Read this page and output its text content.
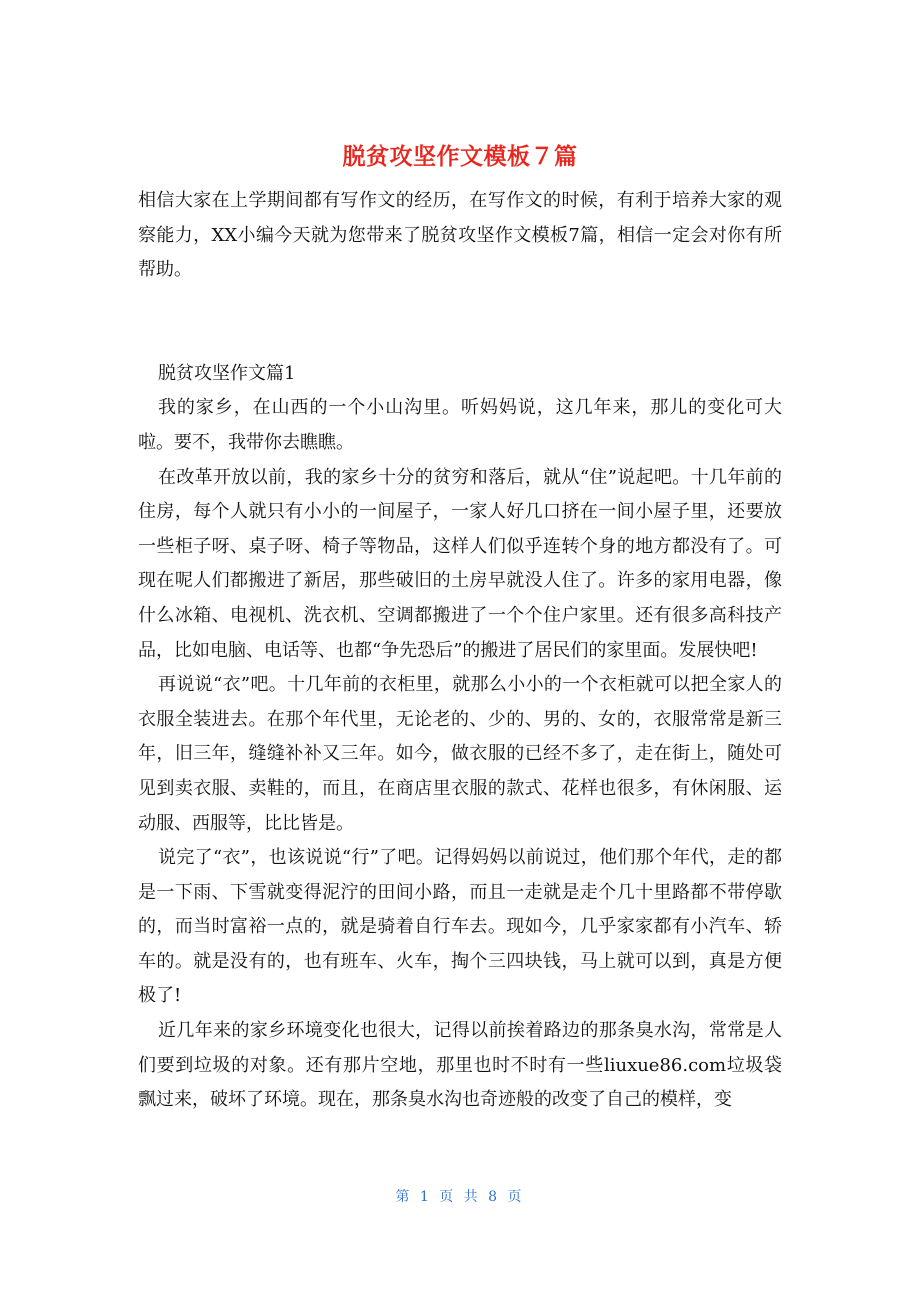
脱贫攻坚作文模板７篇

相信大家在上学期间都有写作文的经历，在写作文的时候，有利于培养大家的观察能力，XX小编今天就为您带来了脱贫攻坚作文模板7篇，相信一定会对你有所帮助。

脱贫攻坚作文篇1

我的家乡，在山西的一个小山沟里。听妈妈说，这几年来，那儿的变化可大啦。要不，我带你去瞧瞧。

在改革开放以前，我的家乡十分的贫穷和落后，就从“住”说起吧。十几年前的住房，每个人就只有小小的一间屋子，一家人好几口挤在一间小屋子里，还要放一些柜子呀、桌子呀、椅子等物品，这样人们似乎连转个身的地方都没有了。可现在呢人们都搬进了新居，那些破旧的土房早就没人住了。许多的家用电器，像什么冰箱、电视机、洗衣机、空调都搬进了一个个住户家里。还有很多高科技产品，比如电脑、电话等、也都“争先恐后”的搬进了居民们的家里面。发展快吧!

再说说“衣”吧。十几年前的衣柜里，就那么小小的一个衣柜就可以把全家人的衣服全装进去。在那个年代里，无论老的、少的、男的、女的，衣服常常是新三年，旧三年，缝缝补补又三年。如今，做衣服的已经不多了，走在街上，随处可见到卖衣服、卖鞋的，而且，在商店里衣服的款式、花样也很多，有休闲服、运动服、西服等，比比皆是。

说完了“衣”，也该说说“行”了吧。记得妈妈以前说过，他们那个年代，走的都是一下雨、下雪就变得泥泞的田间小路，而且一走就是走个几十里路都不带停歇的，而当时富裕一点的，就是骑着自行车去。现如今，几乎家家都有小汽车、轿车的。就是没有的，也有班车、火车，掏个三四块钱，马上就可以到，真是方便极了!

近几年来的家乡环境变化也很大，记得以前挨着路边的那条臭水沟，常常是人们要到垃圾的对象。还有那片空地，那里也时不时有一些liuxue86.com垃圾袋飘过来，破坏了环境。现在，那条臭水沟也奇迹般的改变了自己的模样，变

第 1 页 共 8 页
